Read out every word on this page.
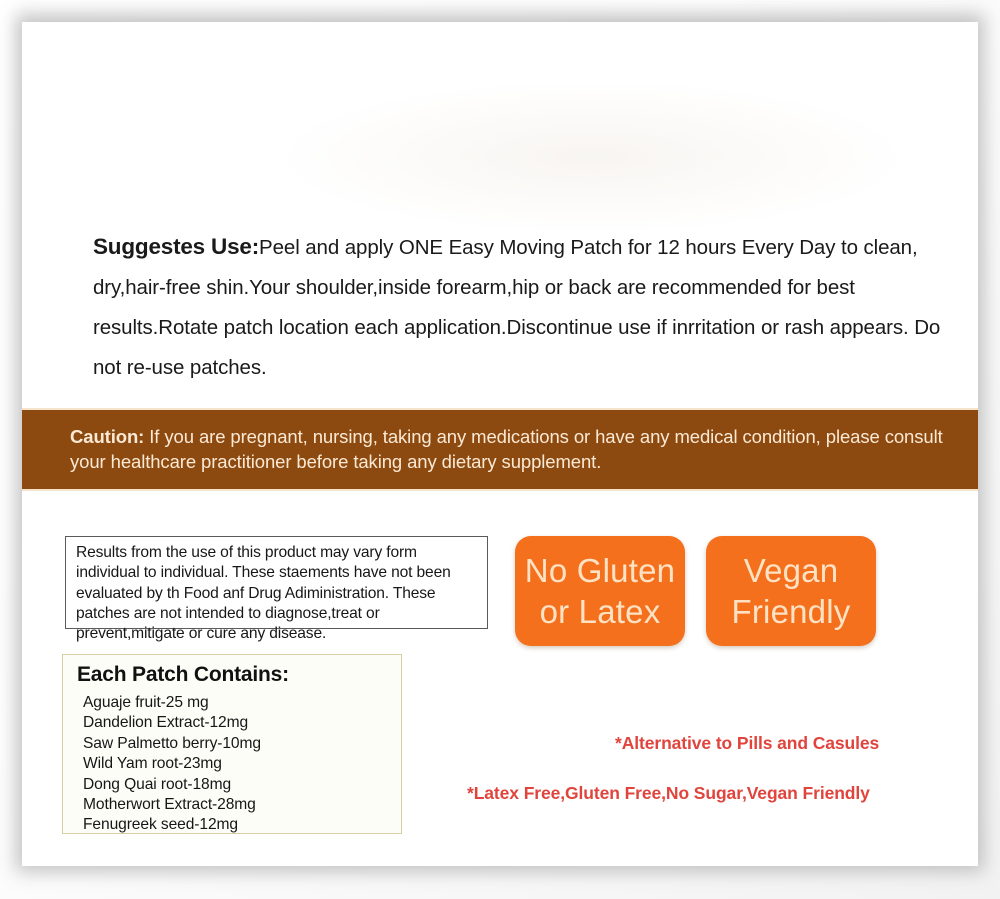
Suggestes Use:Peel and apply ONE Easy Moving Patch for 12 hours Every Day to clean, dry,hair-free shin.Your shoulder,inside forearm,hip or back are recommended for best results.Rotate patch location each application.Discontinue use if inrritation or rash appears. Do not re-use patches.
Caution: If you are pregnant, nursing, taking any medications or have any medical condition, please consult your healthcare practitioner before taking any dietary supplement.

Results from the use of this product may vary form individual to individual. These staements have not been evaluated by th Food anf Drug Adiministration. These patches are not intended to diagnose,treat or prevent,mitigate or cure any disease.

Each Patch Contains:
Aguaje fruit-25 mg
Dandelion Extract-12mg
Saw Palmetto berry-10mg
Wild Yam root-23mg
Dong Quai root-18mg
Motherwort Extract-28mg
Fenugreek seed-12mg
No Gluten
or Latex
Vegan
Friendly
*Alternative to Pills and Casules
*Latex Free,Gluten Free,No Sugar,Vegan Friendly
